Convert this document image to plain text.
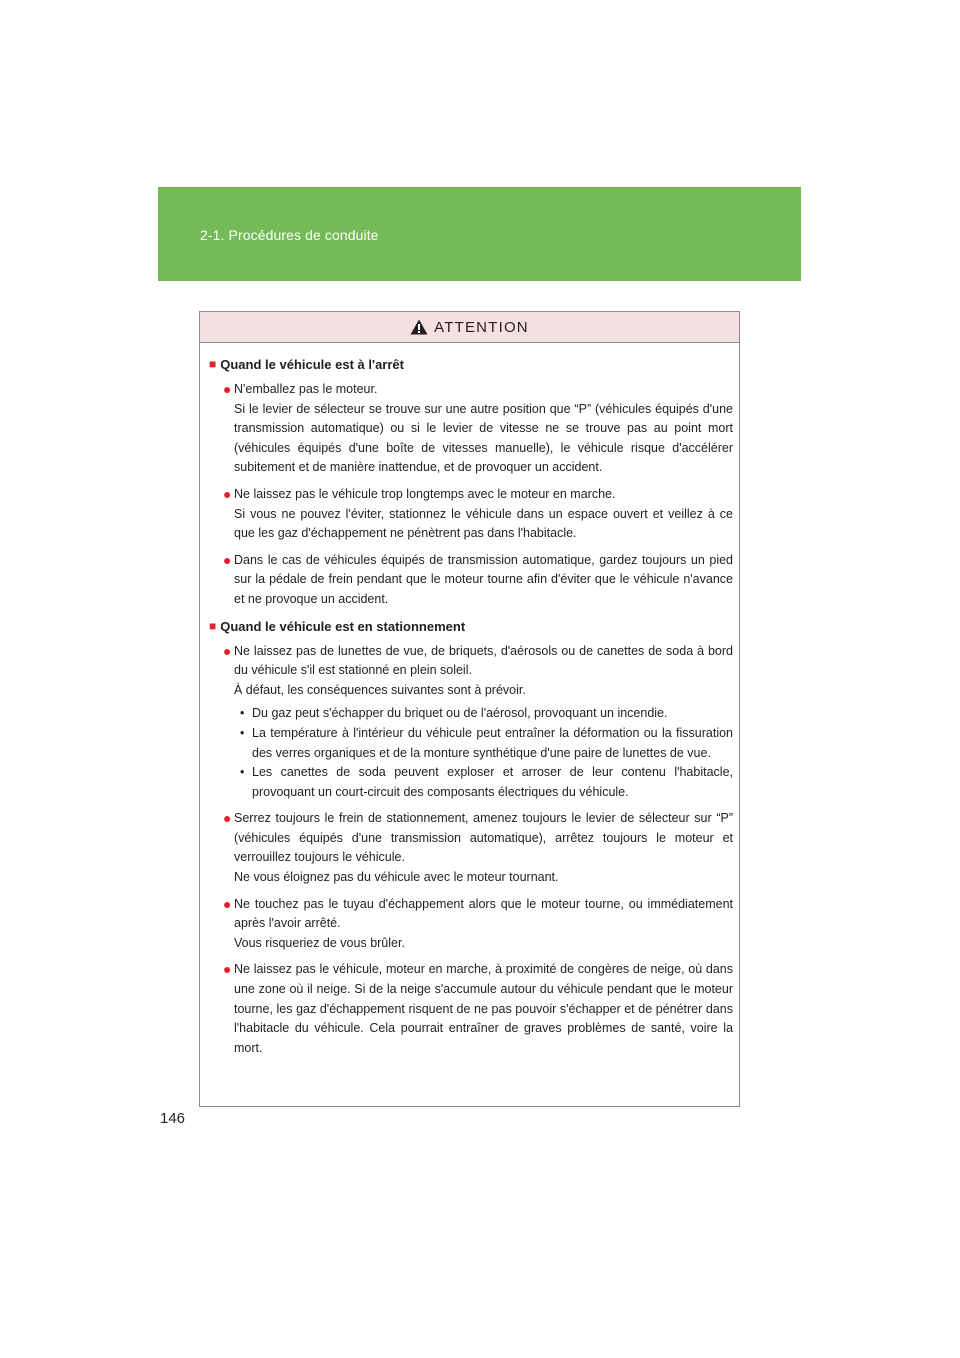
2-1. Procédures de conduite
ATTENTION
■ Quand le véhicule est à l'arrêt
● N'emballez pas le moteur.

Si le levier de sélecteur se trouve sur une autre position que “P” (véhicules équipés d'une transmission automatique) ou si le levier de vitesse ne se trouve pas au point mort (véhicules équipés d'une boîte de vitesses manuelle), le véhicule risque d'accélérer subitement et de manière inattendue, et de provoquer un accident.

● Ne laissez pas le véhicule trop longtemps avec le moteur en marche.

Si vous ne pouvez l'éviter, stationnez le véhicule dans un espace ouvert et veillez à ce que les gaz d'échappement ne pénètrent pas dans l'habitacle.

● Dans le cas de véhicules équipés de transmission automatique, gardez toujours un pied sur la pédale de frein pendant que le moteur tourne afin d'éviter que le véhicule n'avance et ne provoque un accident.

■ Quand le véhicule est en stationnement
● Ne laissez pas de lunettes de vue, de briquets, d'aérosols ou de canettes de soda à bord du véhicule s'il est stationné en plein soleil.

À défaut, les conséquences suivantes sont à prévoir.

• Du gaz peut s'échapper du briquet ou de l'aérosol, provoquant un incendie.
• La température à l'intérieur du véhicule peut entraîner la déformation ou la fissuration des verres organiques et de la monture synthétique d'une paire de lunettes de vue.
• Les canettes de soda peuvent exploser et arroser de leur contenu l'habitacle, provoquant un court-circuit des composants électriques du véhicule.
● Serrez toujours le frein de stationnement, amenez toujours le levier de sélecteur sur “P” (véhicules équipés d'une transmission automatique), arrêtez toujours le moteur et verrouillez toujours le véhicule.

Ne vous éloignez pas du véhicule avec le moteur tournant.

● Ne touchez pas le tuyau d'échappement alors que le moteur tourne, ou immédiatement après l'avoir arrêté.

Vous risqueriez de vous brûler.

● Ne laissez pas le véhicule, moteur en marche, à proximité de congères de neige, où dans une zone où il neige. Si de la neige s'accumule autour du véhicule pendant que le moteur tourne, les gaz d'échappement risquent de ne pas pouvoir s'échapper et de pénétrer dans l'habitacle du véhicule. Cela pourrait entraîner de graves problèmes de santé, voire la mort.

146
